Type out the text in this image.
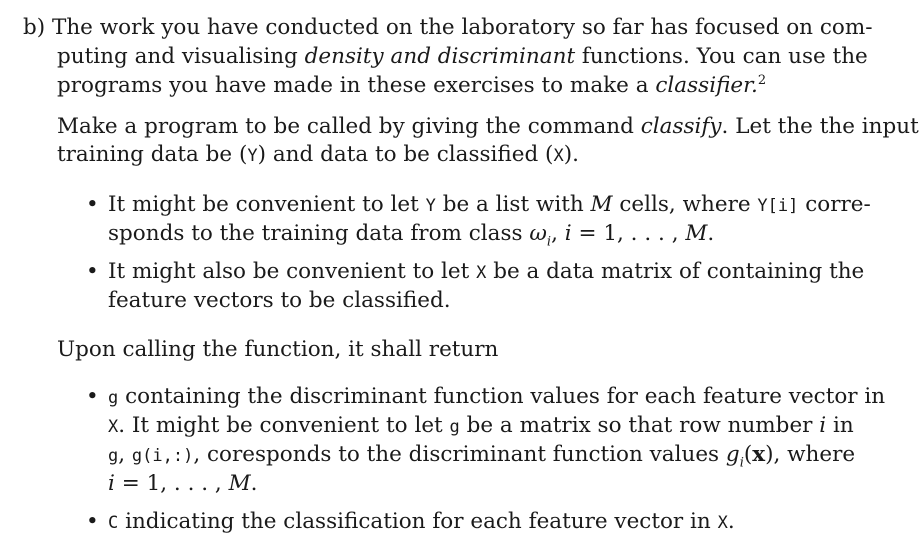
b) The work you have conducted on the laboratory so far has focused on com-
puting and visualising density and discriminant functions. You can use the
programs you have made in these exercises to make a classifier.$^2$
Make a program to be called by giving the command classify. Let the the input
training data be (Y) and data to be classified (X).
• It might be convenient to let Y be a list with M cells, where Y[i] corre-
sponds to the training data from class $\omega_i$, i = 1, . . . , M.
• It might also be convenient to let X be a data matrix of containing the
feature vectors to be classified.
Upon calling the function, it shall return
• g containing the discriminant function values for each feature vector in
X. It might be convenient to let g be a matrix so that row number i in
g, g(i,:), coresponds to the discriminant function values $g_i(x)$, where
i = 1, . . . , M.
• C indicating the classification for each feature vector in X.
